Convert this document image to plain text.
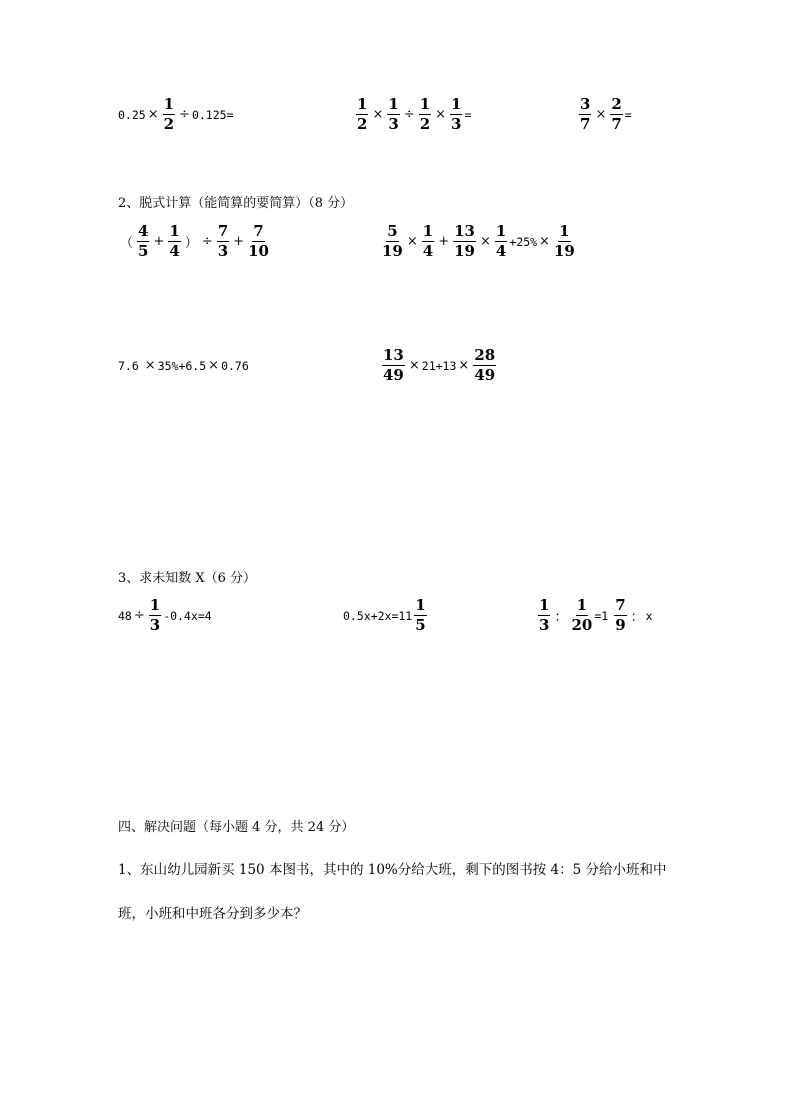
$0.25 \times \frac{1}{2} \div 0.125=$	$\frac{1}{2} \times \frac{1}{3} \div \frac{1}{2} \times \frac{1}{3}$ =	$\frac{3}{7} \times \frac{2}{7}$ =
2、脱式计算（能简算的要简算）（8 分）
（ $\frac{4}{5} + \frac{1}{4}$ ） ÷ $\frac{7}{3} + \frac{7}{10}$	$\frac{5}{19} \times \frac{1}{4} + \frac{13}{19} \times \frac{1}{4} +25\% \times \frac{1}{19}$
7.6 × 35%+6.5 × 0.76	$\frac{13}{49} \times 21+13 \times \frac{28}{49}$
3、求未知数 X（6 分）
$48 \div \frac{1}{3} -0.4x=4$	$0.5x+2x=11 \frac{1}{5}$	$\frac{1}{3}$ ： $\frac{1}{20} =1 \frac{7}{9}$ ： x
四、解决问题（每小题 4 分，共 24 分）
1、东山幼儿园新买 150 本图书，其中的 10%分给大班，剩下的图书按 4：5 分给小班和中
班，小班和中班各分到多少本？
